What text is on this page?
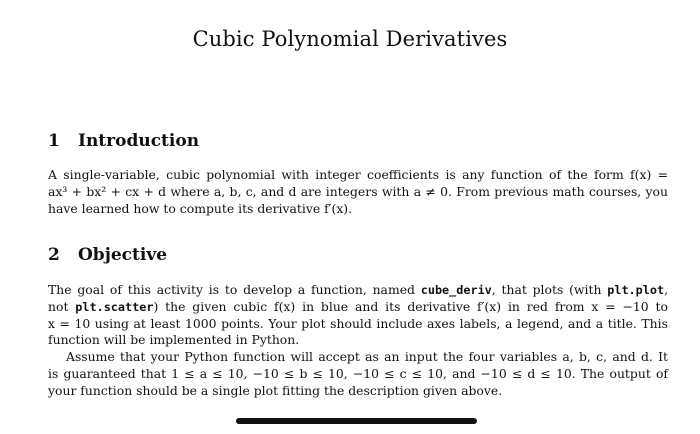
Cubic Polynomial Derivatives
1 Introduction

A single-variable, cubic polynomial with integer coefficients is any function of the form f(x) =

ax³ + bx² + cx + d where a, b, c, and d are integers with a ≠ 0. From previous math courses, you

have learned how to compute its derivative f′(x).

2 Objective

The goal of this activity is to develop a function, named cube_deriv, that plots (with plt.plot,

not plt.scatter) the given cubic f(x) in blue and its derivative f′(x) in red from x = −10 to

x = 10 using at least 1000 points. Your plot should include axes labels, a legend, and a title. This

function will be implemented in Python.

Assume that your Python function will accept as an input the four variables a, b, c, and d. It

is guaranteed that 1 ≤ a ≤ 10, −10 ≤ b ≤ 10, −10 ≤ c ≤ 10, and −10 ≤ d ≤ 10. The output of

your function should be a single plot fitting the description given above.
